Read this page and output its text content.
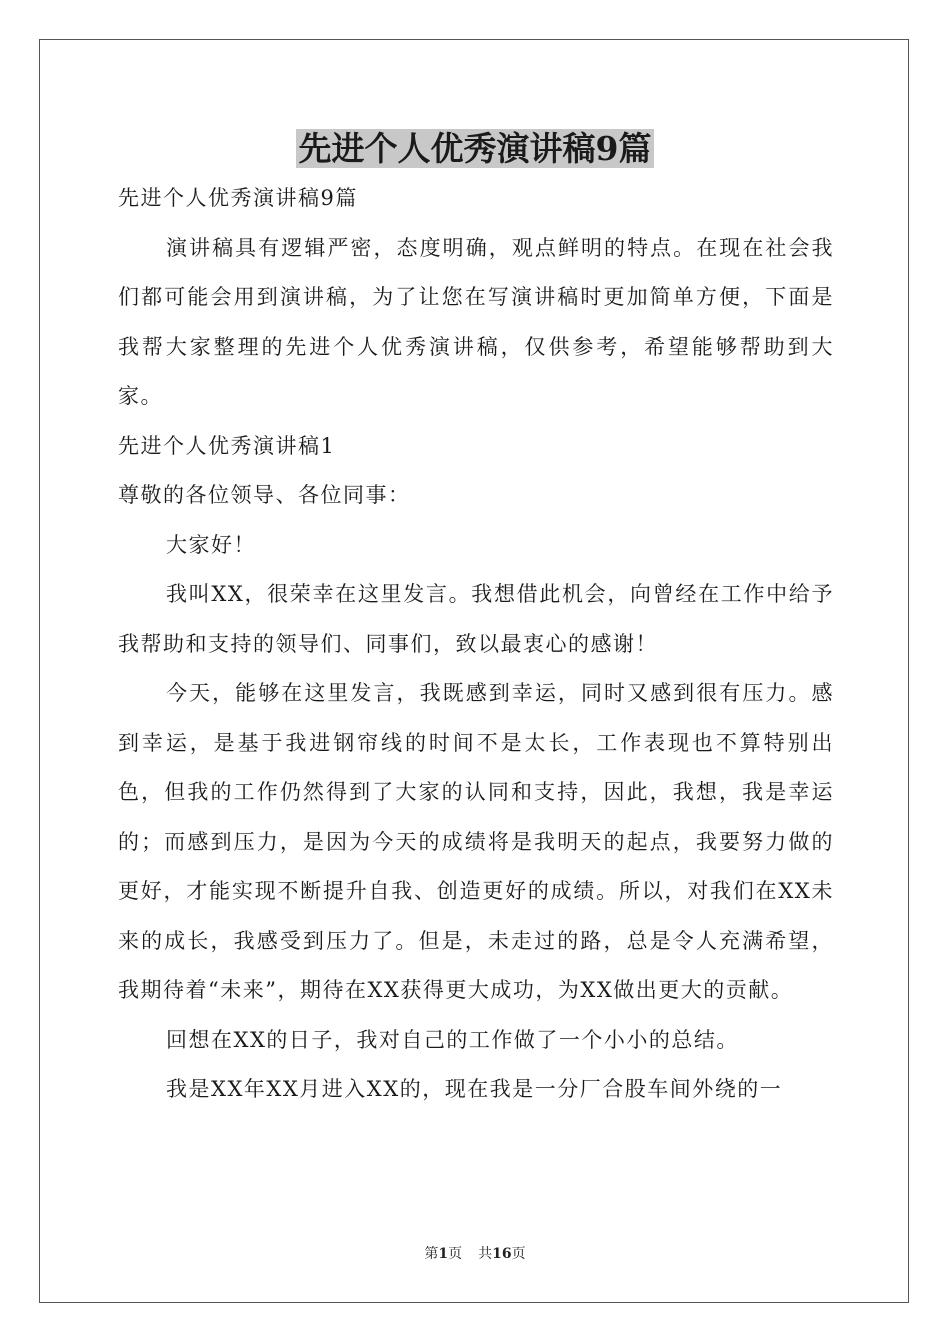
先进个人优秀演讲稿9篇

先进个人优秀演讲稿9篇

演讲稿具有逻辑严密，态度明确，观点鲜明的特点。在现在社会我们都可能会用到演讲稿，为了让您在写演讲稿时更加简单方便，下面是我帮大家整理的先进个人优秀演讲稿，仅供参考，希望能够帮助到大家。

先进个人优秀演讲稿1

尊敬的各位领导、各位同事：

大家好！

我叫XX，很荣幸在这里发言。我想借此机会，向曾经在工作中给予我帮助和支持的领导们、同事们，致以最衷心的感谢！

今天，能够在这里发言，我既感到幸运，同时又感到很有压力。感到幸运，是基于我进钢帘线的时间不是太长，工作表现也不算特别出色，但我的工作仍然得到了大家的认同和支持，因此，我想，我是幸运的；而感到压力，是因为今天的成绩将是我明天的起点，我要努力做的更好，才能实现不断提升自我、创造更好的成绩。所以，对我们在XX未来的成长，我感受到压力了。但是，未走过的路，总是令人充满希望，我期待着“未来”，期待在XX获得更大成功，为XX做出更大的贡献。

回想在XX的日子，我对自己的工作做了一个小小的总结。

我是XX年XX月进入XX的，现在我是一分厂合股车间外绕的一

第1页 共16页
